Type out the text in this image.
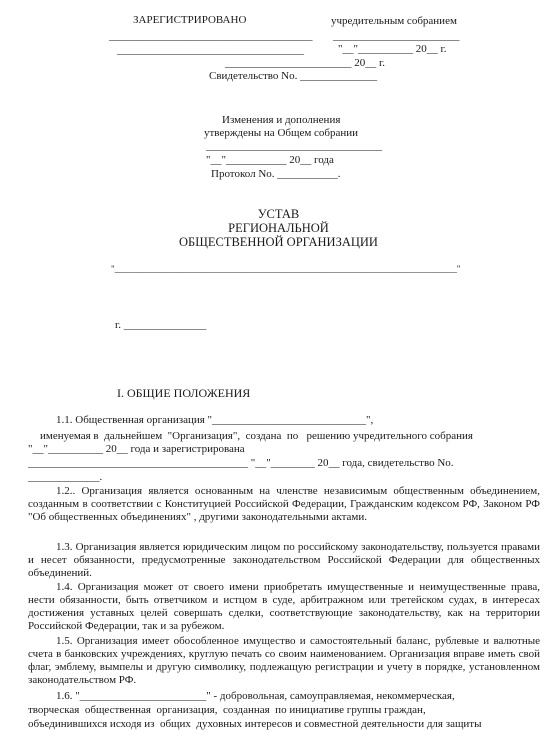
ЗАРЕГИСТРИРОВАНО
_____________________________________
__________________________________
_______________________ 20__ г.
Свидетельство No. ______________
учредительным собранием
_______________________
"__"__________ 20__ г.
Изменения и дополнения
утверждены на Общем собрании
________________________________
"__"___________ 20__ года
Протокол No. ___________.
УСТАВ
РЕГИОНАЛЬНОЙ
ОБЩЕСТВЕННОЙ ОРГАНИЗАЦИИ
"_____________________________________________________________________________"
г. _______________
I. ОБЩИЕ ПОЛОЖЕНИЯ
1.1. Общественная организация "____________________________",
именуемая в  дальнейшем  "Организация",  создана  по   решению учредительного собрания
"__"__________ 20__ года и зарегистрирована
________________________________________ "__"________ 20__ года, свидетельство No.
_____________.
1.2.. Организация является основанным на членстве независимым общественным объединением, созданным в соответствии с Конституцией Российской Федерации, Гражданским кодексом РФ, Законом РФ "Об общественных объединениях" , другими законодательными актами.
1.3. Организация является юридическим лицом по российскому законодательству, пользуется правами и несет обязанности, предусмотренные законодательством Российской Федерации для общественных объединений.
1.4. Организация может от своего имени приобретать имущественные и неимущественные права, нести обязанности, быть ответчиком и истцом в суде, арбитражном или третейском судах, в интересах достижения уставных целей совершать сделки, соответствующие законодательству, как на территории Российской Федерации, так и за рубежом.
1.5. Организация имеет обособленное имущество и самостоятельный баланс, рублевые и валютные счета в банковских учреждениях, круглую печать со своим наименованием. Организация вправе иметь свой флаг, эмблему, вымпелы и другую символику, подлежащую регистрации и учету в порядке, установленном законодательством РФ.
1.6. "_______________________" - добровольная, самоуправляемая, некоммерческая,
творческая  общественная  организация,  созданная  по инициативе группы граждан,
объединившихся исходя из  общих  духовных интересов и совместной деятельности для защиты
